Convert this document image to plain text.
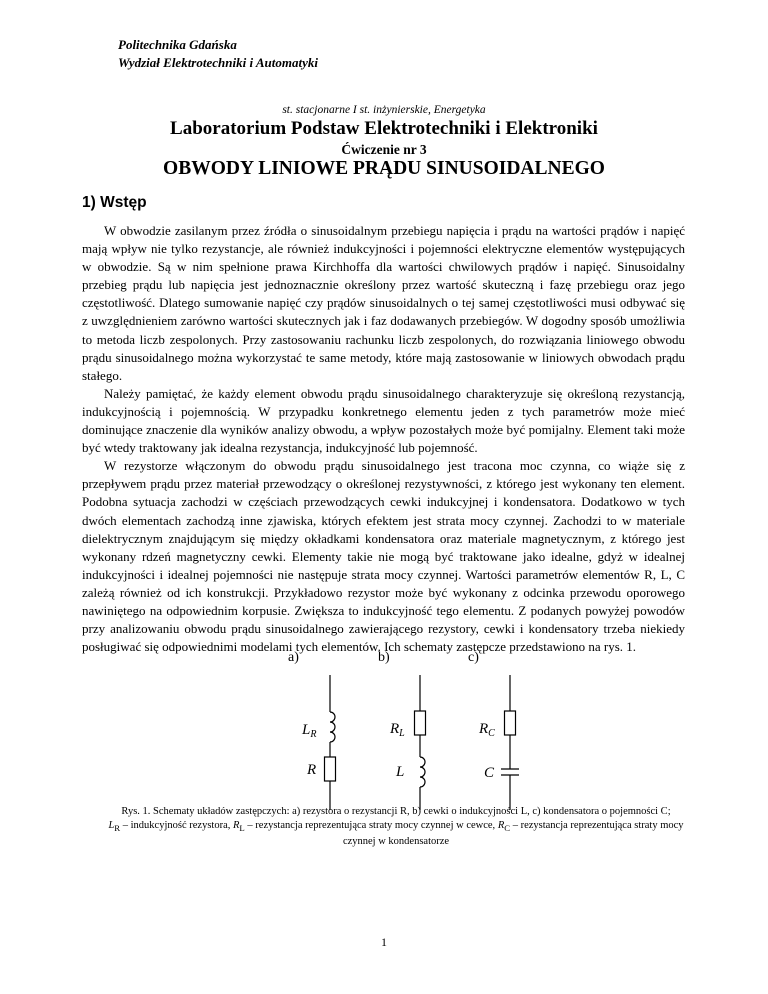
Politechnika Gdańska
Wydział Elektrotechniki i Automatyki
st. stacjonarne I st. inżynierskie, Energetyka
Laboratorium Podstaw Elektrotechniki i Elektroniki
Ćwiczenie nr 3
OBWODY LINIOWE PRĄDU SINUSOIDALNEGO
1) Wstęp

W obwodzie zasilanym przez źródła o sinusoidalnym przebiegu napięcia i prądu na wartości prądów i napięć mają wpływ nie tylko rezystancje, ale również indukcyjności i pojemności elektryczne elementów występujących w obwodzie. Są w nim spełnione prawa Kirchhoffa dla wartości chwilowych prądów i napięć. Sinusoidalny przebieg prądu lub napięcia jest jednoznacznie określony przez wartość skuteczną i fazę przebiegu oraz jego częstotliwość. Dlatego sumowanie napięć czy prądów sinusoidalnych o tej samej częstotliwości musi odbywać się z uwzględnieniem zarówno wartości skutecznych jak i faz dodawanych przebiegów. W dogodny sposób umożliwia to metoda liczb zespolonych. Przy zastosowaniu rachunku liczb zespolonych, do rozwiązania liniowego obwodu prądu sinusoidalnego można wykorzystać te same metody, które mają zastosowanie w liniowych obwodach prądu stałego.

Należy pamiętać, że każdy element obwodu prądu sinusoidalnego charakteryzuje się określoną rezystancją, indukcyjnością i pojemnością. W przypadku konkretnego elementu jeden z tych parametrów może mieć dominujące znaczenie dla wyników analizy obwodu, a wpływ pozostałych może być pomijalny. Element taki może być wtedy traktowany jak idealna rezystancja, indukcyjność lub pojemność.

W rezystorze włączonym do obwodu prądu sinusoidalnego jest tracona moc czynna, co wiąże się z przepływem prądu przez materiał przewodzący o określonej rezystywności, z którego jest wykonany ten element. Podobna sytuacja zachodzi w częściach przewodzących cewki indukcyjnej i kondensatora. Dodatkowo w tych dwóch elementach zachodzą inne zjawiska, których efektem jest strata mocy czynnej. Zachodzi to w materiale dielektrycznym znajdującym się między okładkami kondensatora oraz materiale magnetycznym, z którego jest wykonany rdzeń magnetyczny cewki. Elementy takie nie mogą być traktowane jako idealne, gdyż w idealnej indukcyjności i idealnej pojemności nie następuje strata mocy czynnej. Wartości parametrów elementów R, L, C zależą również od ich konstrukcji. Przykładowo rezystor może być wykonany z odcinka przewodu oporowego nawiniętego na odpowiednim korpusie. Zwiększa to indukcyjność tego elementu. Z podanych powyżej powodów przy analizowaniu obwodu prądu sinusoidalnego zawierającego rezystory, cewki i kondensatory trzeba niekiedy posługiwać się odpowiednimi modelami tych elementów. Ich schematy zastępcze przedstawiono na rys. 1.

a)	b)	c)
$L_R$
R
$R_L$
L
$R_C$
C
Rys. 1. Schematy układów zastępczych: a) rezystora o rezystancji R, b) cewki o indukcyjności L, c) kondensatora o pojemności C;
$L_R$ – indukcyjność rezystora, $R_L$ – rezystancja reprezentująca straty mocy czynnej w cewce, $R_C$ – rezystancja reprezentująca straty mocy czynnej w kondensatorze
1
